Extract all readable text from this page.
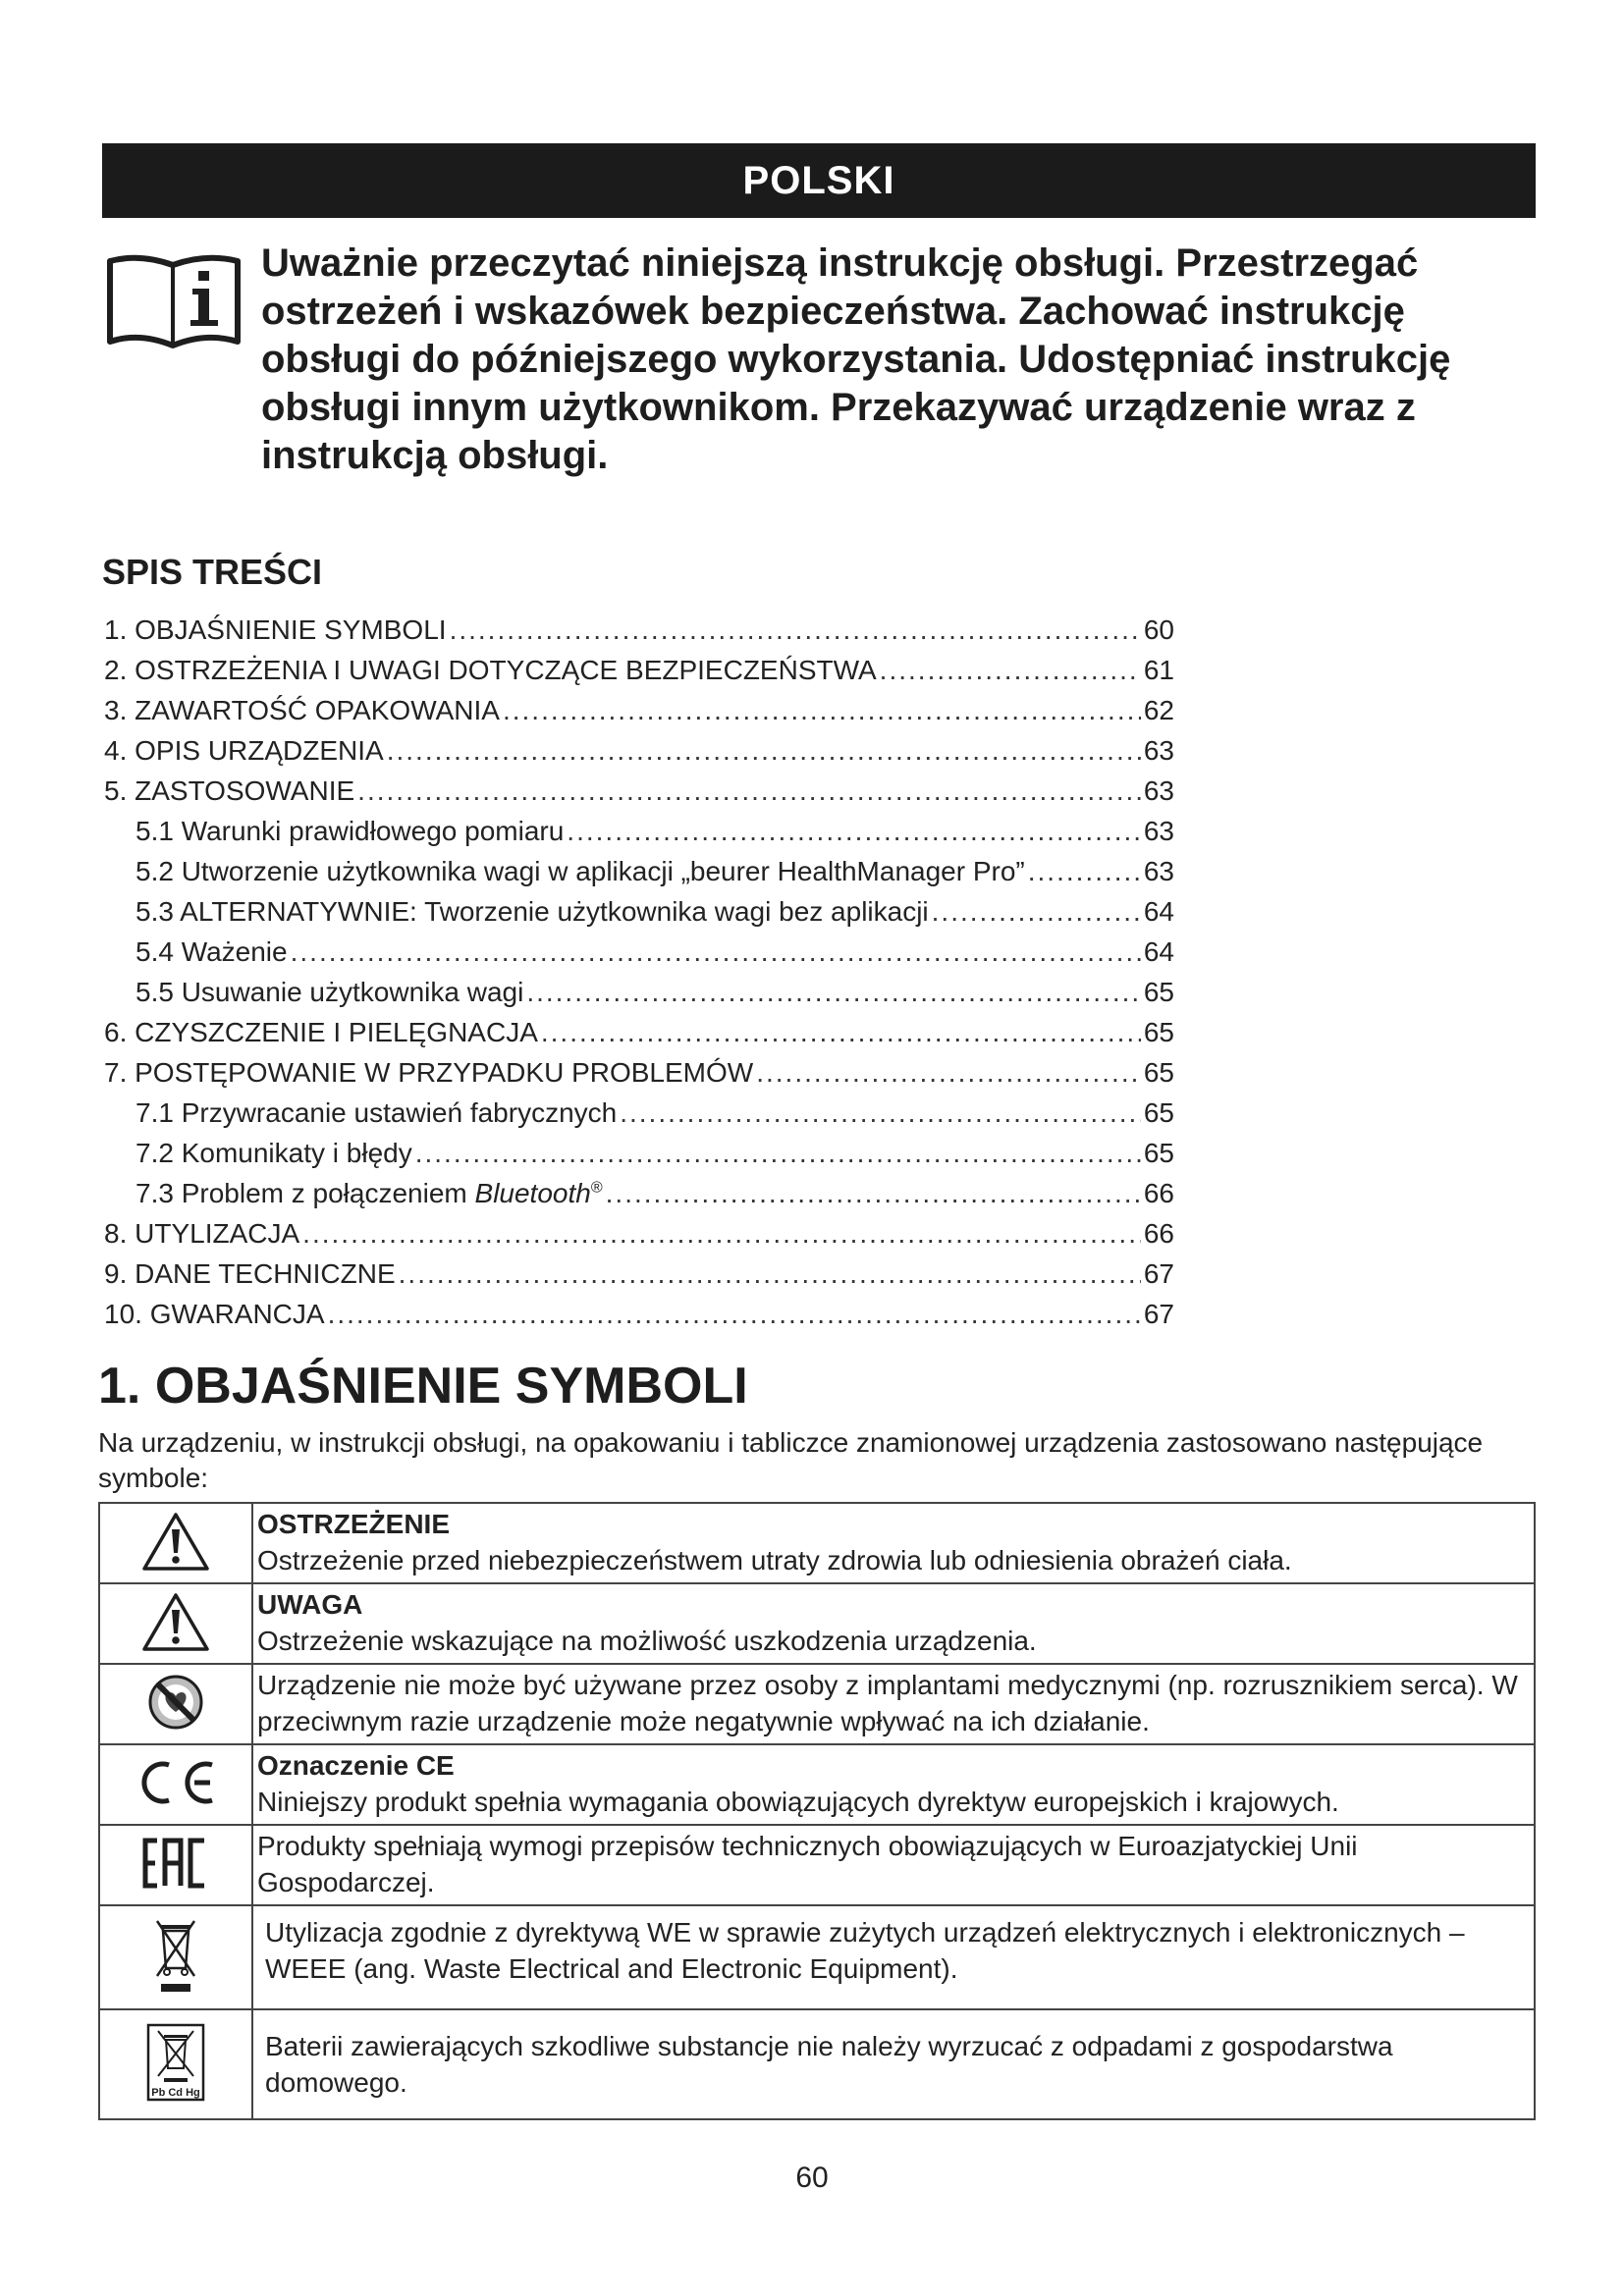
POLSKI

Uważnie przeczytać niniejszą instrukcję obsługi. Przestrzegać ostrzeżeń i wskazówek bezpieczeństwa. Zachować instrukcję obsługi do późniejszego wykorzystania. Udostępniać instrukcję obsługi innym użytkownikom. Przekazywać urządzenie wraz z instrukcją obsługi.

SPIS TREŚCI
1. OBJAŚNIENIE SYMBOLI .....	60
2. OSTRZEŻENIA I UWAGI DOTYCZĄCE BEZPIECZEŃSTWA .....	61
3. ZAWARTOŚĆ OPAKOWANIA .....	62
4. OPIS URZĄDZENIA .....	63
5. ZASTOSOWANIE .....	63
5.1 Warunki prawidłowego pomiaru .....	63
5.2 Utworzenie użytkownika wagi w aplikacji „beurer HealthManager Pro” .....	63
5.3 ALTERNATYWNIE: Tworzenie użytkownika wagi bez aplikacji .....	64
5.4 Ważenie .....	64
5.5 Usuwanie użytkownika wagi .....	65
6. CZYSZCZENIE I PIELĘGNACJA .....	65
7. POSTĘPOWANIE W PRZYPADKU PROBLEMÓW .....	65
7.1 Przywracanie ustawień fabrycznych .....	65
7.2 Komunikaty i błędy .....	65
7.3 Problem z połączeniem Bluetooth® .....	66
8. UTYLIZACJA .....	66
9. DANE TECHNICZNE .....	67
10. GWARANCJA .....	67
1. OBJAŚNIENIE SYMBOLI

Na urządzeniu, w instrukcji obsługi, na opakowaniu i tabliczce znamionowej urządzenia zastosowano następujące symbole:

OSTRZEŻENIE
Ostrzeżenie przed niebezpieczeństwem utraty zdrowia lub odniesienia obrażeń ciała.

UWAGA
Ostrzeżenie wskazujące na możliwość uszkodzenia urządzenia.

Urządzenie nie może być używane przez osoby z implantami medycznymi (np. rozrusznikiem serca). W przeciwnym razie urządzenie może negatywnie wpływać na ich działanie.

Oznaczenie CE
Niniejszy produkt spełnia wymagania obowiązujących dyrektyw europejskich i krajowych.

Produkty spełniają wymogi przepisów technicznych obowiązujących w Euroazjatyckiej Unii Gospodarczej.

Utylizacja zgodnie z dyrektywą WE w sprawie zużytych urządzeń elektrycznych i elektronicznych – WEEE (ang. Waste Electrical and Electronic Equipment).

Pb Cd Hg	Baterii zawierających szkodliwe substancje nie należy wyrzucać z odpadami z gospodarstwa domowego.
60
